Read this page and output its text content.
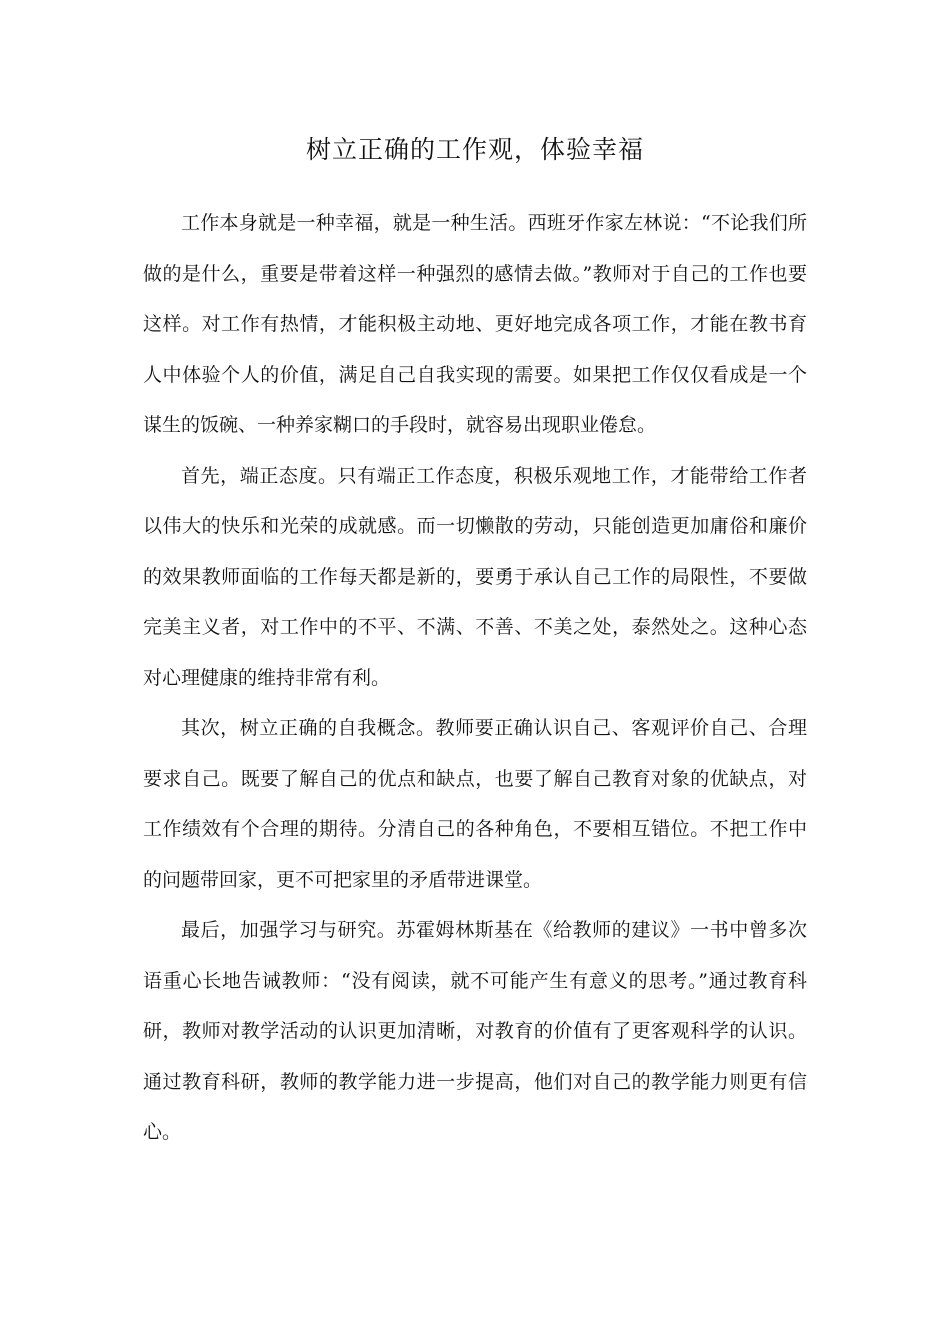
树立正确的工作观，体验幸福

工作本身就是一种幸福，就是一种生活。西班牙作家左林说：“不论我们所做的是什么，重要是带着这样一种强烈的感情去做。”教师对于自己的工作也要这样。对工作有热情，才能积极主动地、更好地完成各项工作，才能在教书育人中体验个人的价值，满足自己自我实现的需要。如果把工作仅仅看成是一个谋生的饭碗、一种养家糊口的手段时，就容易出现职业倦怠。

首先，端正态度。只有端正工作态度，积极乐观地工作，才能带给工作者以伟大的快乐和光荣的成就感。而一切懒散的劳动，只能创造更加庸俗和廉价的效果教师面临的工作每天都是新的，要勇于承认自己工作的局限性，不要做完美主义者，对工作中的不平、不满、不善、不美之处，泰然处之。这种心态对心理健康的维持非常有利。

其次，树立正确的自我概念。教师要正确认识自己、客观评价自己、合理要求自己。既要了解自己的优点和缺点，也要了解自己教育对象的优缺点，对工作绩效有个合理的期待。分清自己的各种角色，不要相互错位。不把工作中的问题带回家，更不可把家里的矛盾带进课堂。

最后，加强学习与研究。苏霍姆林斯基在《给教师的建议》一书中曾多次语重心长地告诫教师：“没有阅读，就不可能产生有意义的思考。”通过教育科研，教师对教学活动的认识更加清晰，对教育的价值有了更客观科学的认识。通过教育科研，教师的教学能力进一步提高，他们对自己的教学能力则更有信心。
